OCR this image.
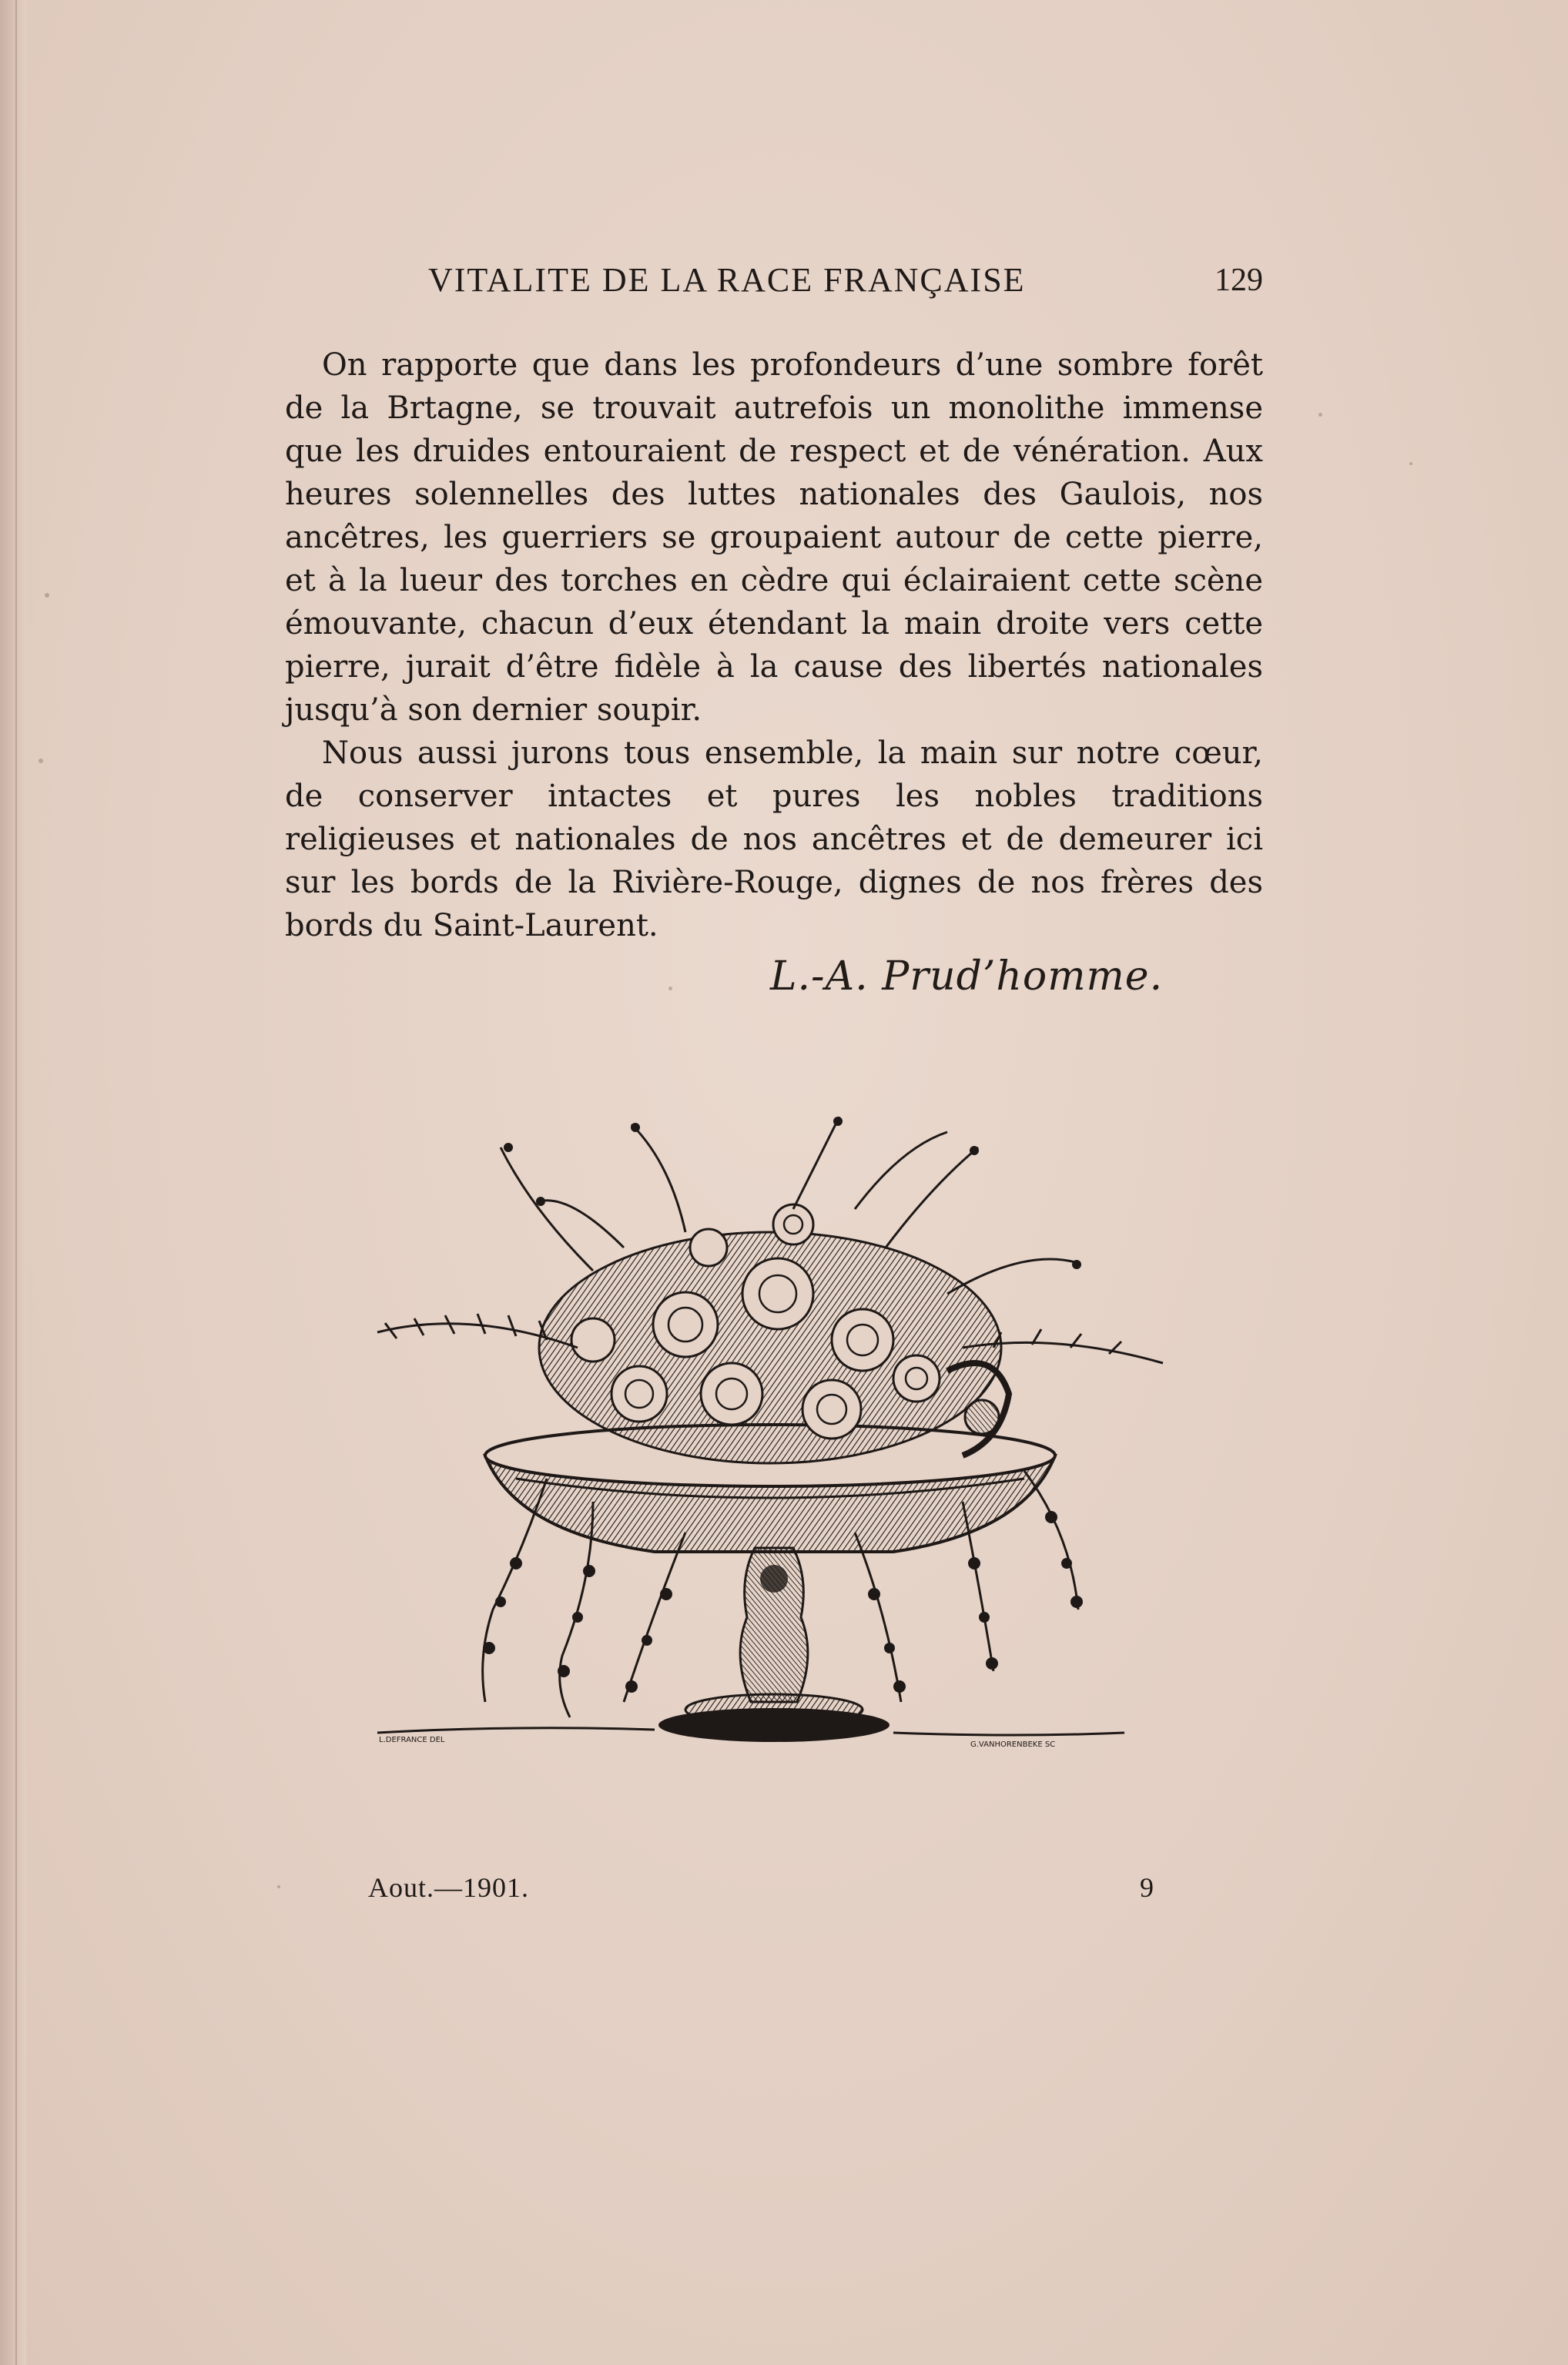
VITALITE DE LA RACE FRANÇAISE	129

On rapporte que dans les profondeurs d’une sombre forêt de la Brtagne, se trouvait autrefois un monolithe immense que les druides entouraient de respect et de vénération. Aux heures solennelles des luttes nationales des Gaulois, nos ancêtres, les guerriers se groupaient autour de cette pierre, et à la lueur des torches en cèdre qui éclairaient cette scène émouvante, chacun d’eux étendant la main droite vers cette pierre, jurait d’être fidèle à la cause des libertés nationales jusqu’à son dernier soupir.

Nous aussi jurons tous ensemble, la main sur notre cœur, de conserver intactes et pures les nobles traditions religieuses et nationales de nos ancêtres et de demeurer ici sur les bords de la Rivière-Rouge, dignes de nos frères des bords du Saint-Laurent.

L.-A. Prud’homme.
L.DEFRANCE DEL
G.VANHORENBEKE SC
Aout.—1901.	9
